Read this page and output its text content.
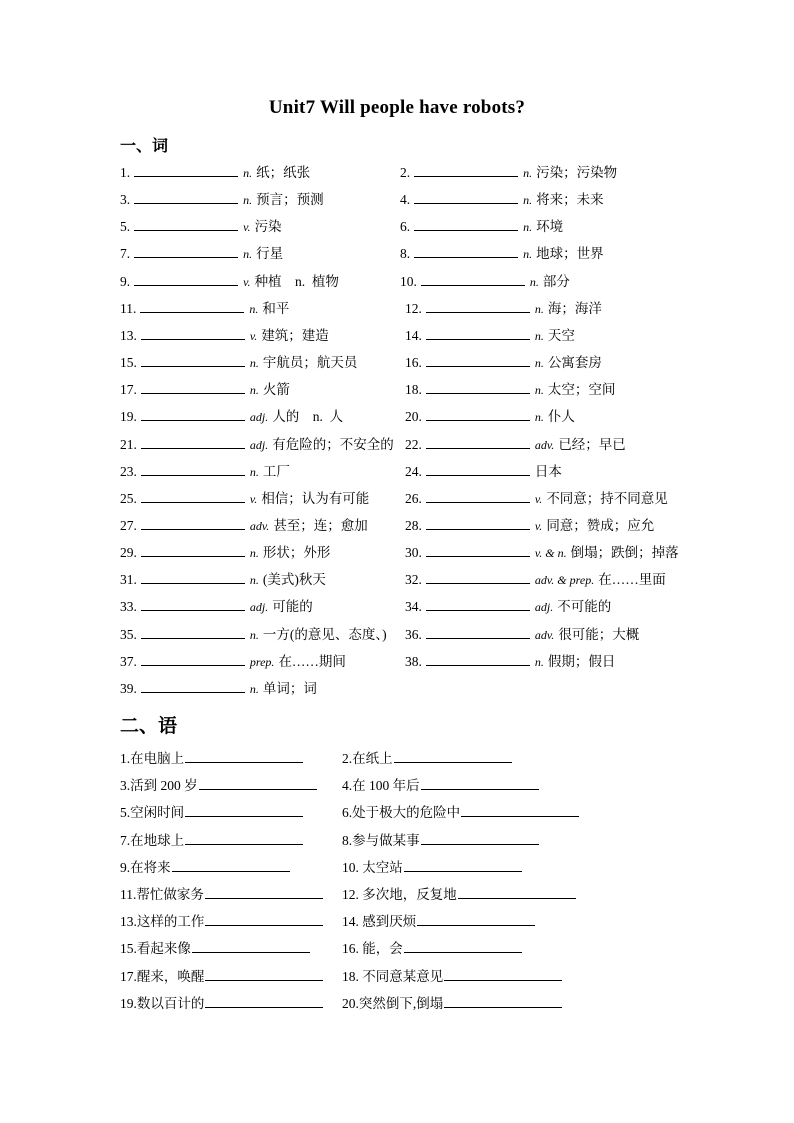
Unit7 Will people have robots?
一、词
1.	n. 纸；纸张	2.	n. 污染；污染物
3.	n. 预言；预测	4.	n. 将来；未来
5.	v. 污染	6.	n. 环境
7.	n. 行星	8.	n. 地球；世界
9.	v. 种植    n.  植物	10.	n. 部分
11.	n. 和平	12.	n. 海；海洋
13.	v. 建筑；建造	14.	n. 天空
15.	n. 宇航员；航天员	16.	n. 公寓套房
17.	n. 火箭	18.	n. 太空；空间
19.	adj. 人的    n.  人	20.	n. 仆人
21.	adj. 有危险的；不安全的 22.	adv. 已经；早已
23.	n. 工厂	24.	日本
25.	v. 相信；认为有可能	26.	v. 不同意；持不同意见
27.	adv. 甚至；连；愈加	28.	v. 同意；赞成；应允
29.	n. 形状；外形	30.	v. & n. 倒塌；跌倒；掉落
31.	n. (美式)秋天	32.	adv. & prep. 在……里面
33.	adj. 可能的	34.	adj. 不可能的
35.	n. 一方(的意见、态度、) 36.	adv. 很可能；大概
37.	prep. 在……期间	38.	n. 假期；假日
39.	n. 单词；词
二、语
1.在电脑上	2.在纸上
3.活到 200 岁	4.在 100 年后
5.空闲时间	6.处于极大的危险中
7.在地球上	8.参与做某事
9.在将来	10. 太空站
11.帮忙做家务	12. 多次地，反复地
13.这样的工作	14. 感到厌烦
15.看起来像	16. 能，会
17.醒来，唤醒	18. 不同意某意见
19.数以百计的	20.突然倒下,倒塌
